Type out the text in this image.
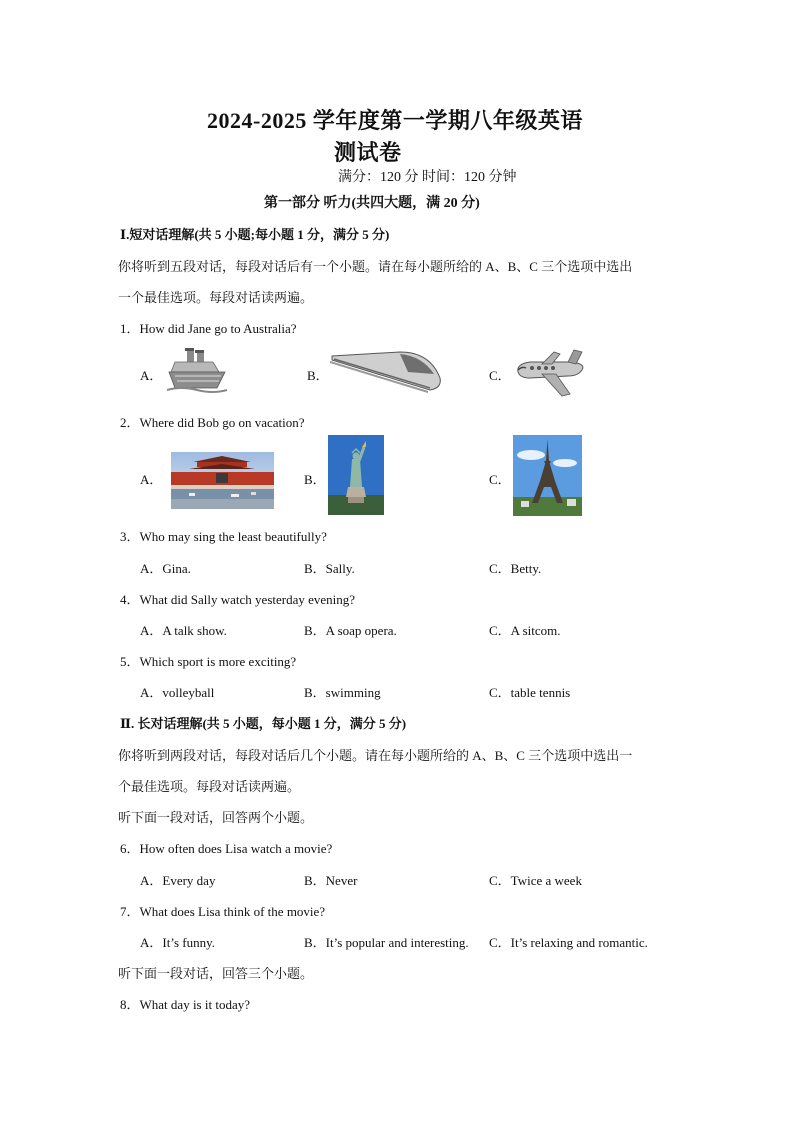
2024-2025 学年度第一学期八年级英语
测试卷
满分：120 分 时间：120 分钟
第一部分 听力(共四大题，满 20 分)
Ⅰ.短对话理解(共 5 小题;每小题 1 分，满分 5 分)
你将听到五段对话，每段对话后有一个小题。请在每小题所给的 A、B、C 三个选项中选出
一个最佳选项。每段对话读两遍。
1．How did Jane go to Australia?
A．	B．	C．
2．Where did Bob go on vacation?
A．	B．	C．
3．Who may sing the least beautifully?
A．Gina.	B．Sally.	C．Betty.
4．What did Sally watch yesterday evening?
A．A talk show.	B．A soap opera.	C．A sitcom.
5．Which sport is more exciting?
A．volleyball	B．swimming	C．table tennis
Ⅱ. 长对话理解(共 5 小题，每小题 1 分，满分 5 分)
你将听到两段对话，每段对话后几个小题。请在每小题所给的 A、B、C 三个选项中选出一
个最佳选项。每段对话读两遍。
听下面一段对话，回答两个小题。
6．How often does Lisa watch a movie?
A．Every day	B．Never	C．Twice a week
7．What does Lisa think of the movie?
A．It’s funny.	B．It’s popular and interesting. C．It’s relaxing and romantic.
听下面一段对话，回答三个小题。
8．What day is it today?
